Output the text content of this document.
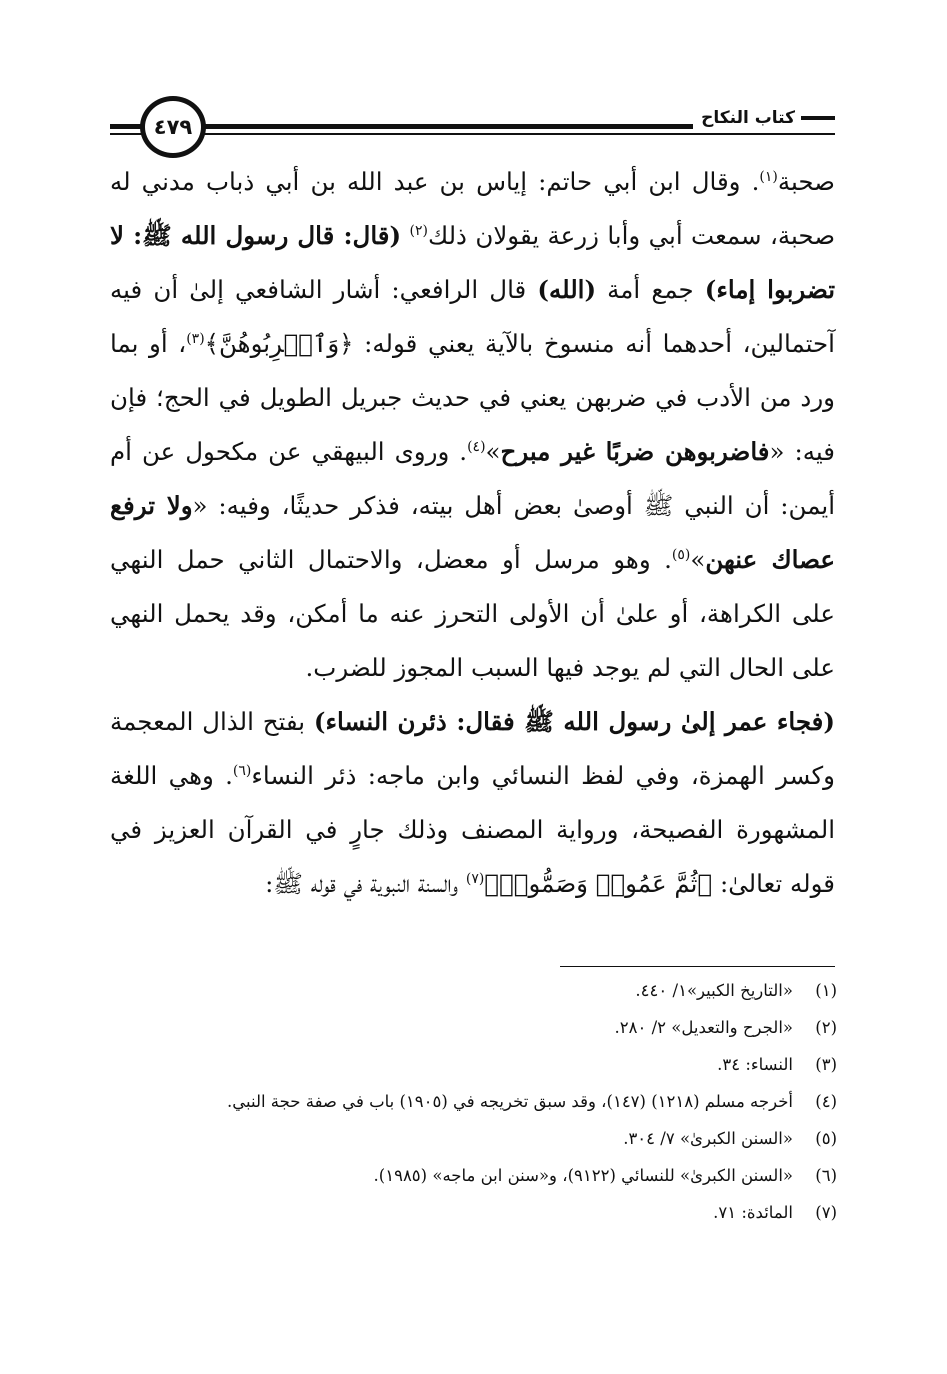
كتاب النكاح
٤٧٩

صحبة$^{(١)}$. وقال ابن أبي حاتم: إياس بن عبد الله بن أبي ذباب مدني له صحبة، سمعت أبي وأبا زرعة يقولان ذلك$^{(٢)}$ (قال: قال رسول الله ﷺ: لا تضربوا إماء) جمع أمة (الله) قال الرافعي: أشار الشافعي إلىٰ أن فيه آحتمالين، أحدهما أنه منسوخ بالآية يعني قوله: ﴿وَٱضۡرِبُوهُنَّ﴾$^{(٣)}$، أو بما ورد من الأدب في ضربهن يعني في حديث جبريل الطويل في الحج؛ فإن فيه: «فاضربوهن ضربًا غير مبرح»$^{(٤)}$. وروى البيهقي عن مكحول عن أم أيمن: أن النبي ﷺ أوصىٰ بعض أهل بيته، فذكر حديثًا، وفيه: «ولا ترفع عصاك عنهن»$^{(٥)}$. وهو مرسل أو معضل، والاحتمال الثاني حمل النهي على الكراهة، أو علىٰ أن الأولى التحرز عنه ما أمكن، وقد يحمل النهي على الحال التي لم يوجد فيها السبب المجوز للضرب.

(فجاء عمر إلىٰ رسول الله ﷺ فقال: ذئرن النساء) بفتح الذال المعجمة وكسر الهمزة، وفي لفظ النسائي وابن ماجه: ذئر النساء$^{(٦)}$. وهي اللغة المشهورة الفصيحة، ورواية المصنف وذلك جارٍ في القرآن العزيز في قوله تعالىٰ: ﴿ثُمَّ عَمُوا۟ وَصَمُّوا۟﴾$^{(٧)}$ والسنة النبوية في قوله ﷺ:

(١)
«التاريخ الكبير»١/ ٤٤٠.
(٢)
«الجرح والتعديل» ٢/ ٢٨٠.
(٣)
النساء: ٣٤.
(٤)
أخرجه مسلم (١٢١٨) (١٤٧)، وقد سبق تخريجه في (١٩٠٥) باب في صفة حجة النبي.
(٥)
«السنن الكبرىٰ» ٧/ ٣٠٤.
(٦)
«السنن الكبرىٰ» للنسائي (٩١٢٢)، و«سنن ابن ماجه» (١٩٨٥).
(٧)
المائدة: ٧١.
